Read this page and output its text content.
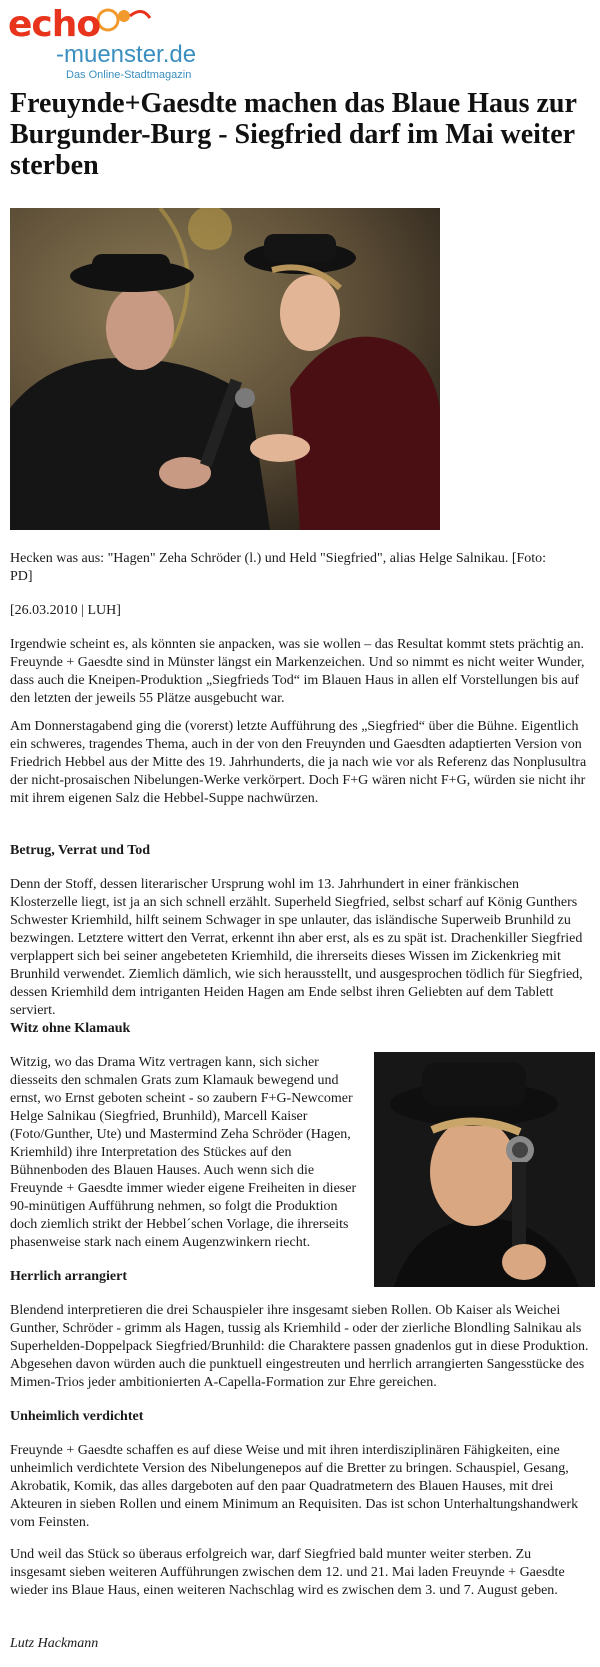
echo
-muenster.de
Das Online-Stadtmagazin
Freuynde+Gaesdte machen das Blaue Haus zur Burgunder-Burg - Siegfried darf im Mai weiter sterben

Hecken was aus: "Hagen" Zeha Schröder (l.) und Held "Siegfried", alias Helge Salnikau. [Foto: PD]

[26.03.2010 | LUH]

Irgendwie scheint es, als könnten sie anpacken, was sie wollen – das Resultat kommt stets prächtig an. Freuynde + Gaesdte sind in Münster längst ein Markenzeichen. Und so nimmt es nicht weiter Wunder, dass auch die Kneipen-Produktion „Siegfrieds Tod“ im Blauen Haus in allen elf Vorstellungen bis auf den letzten der jeweils 55 Plätze ausgebucht war.

Am Donnerstagabend ging die (vorerst) letzte Aufführung des „Siegfried“ über die Bühne. Eigentlich ein schweres, tragendes Thema, auch in der von den Freuynden und Gaesdten adaptierten Version von Friedrich Hebbel aus der Mitte des 19. Jahrhunderts, die ja nach wie vor als Referenz das Nonplusultra der nicht-prosaischen Nibelungen-Werke verkörpert. Doch F+G wären nicht F+G, würden sie nicht ihr mit ihrem eigenen Salz die Hebbel-Suppe nachwürzen.

Betrug, Verrat und Tod

Denn der Stoff, dessen literarischer Ursprung wohl im 13. Jahrhundert in einer fränkischen Klosterzelle liegt, ist ja an sich schnell erzählt. Superheld Siegfried, selbst scharf auf König Gunthers Schwester Kriemhild, hilft seinem Schwager in spe unlauter, das isländische Superweib Brunhild zu bezwingen. Letztere wittert den Verrat, erkennt ihn aber erst, als es zu spät ist. Drachenkiller Siegfried verplappert sich bei seiner angebeteten Kriemhild, die ihrerseits dieses Wissen im Zickenkrieg mit Brunhild verwendet. Ziemlich dämlich, wie sich herausstellt, und ausgesprochen tödlich für Siegfried, dessen Kriemhild dem intriganten Heiden Hagen am Ende selbst ihren Geliebten auf dem Tablett serviert.

Witz ohne Klamauk

Witzig, wo das Drama Witz vertragen kann, sich sicher diesseits den schmalen Grats zum Klamauk bewegend und ernst, wo Ernst geboten scheint - so zaubern F+G-Newcomer Helge Salnikau (Siegfried, Brunhild), Marcell Kaiser (Foto/Gunther, Ute) und Mastermind Zeha Schröder (Hagen, Kriemhild) ihre Interpretation des Stückes auf den Bühnenboden des Blauen Hauses. Auch wenn sich die Freuynde + Gaesdte immer wieder eigene Freiheiten in dieser 90-minütigen Aufführung nehmen, so folgt die Produktion doch ziemlich strikt der Hebbel´schen Vorlage, die ihrerseits phasenweise stark nach einem Augenzwinkern riecht.

Herrlich arrangiert

Blendend interpretieren die drei Schauspieler ihre insgesamt sieben Rollen. Ob Kaiser als Weichei Gunther, Schröder - grimm als Hagen, tussig als Kriemhild - oder der zierliche Blondling Salnikau als Superhelden-Doppelpack Siegfried/Brunhild: die Charaktere passen gnadenlos gut in diese Produktion. Abgesehen davon würden auch die punktuell eingestreuten und herrlich arrangierten Sangesstücke des Mimen-Trios jeder ambitionierten A-Capella-Formation zur Ehre gereichen.

Unheimlich verdichtet

Freuynde + Gaesdte schaffen es auf diese Weise und mit ihren interdisziplinären Fähigkeiten, eine unheimlich verdichtete Version des Nibelungenepos auf die Bretter zu bringen. Schauspiel, Gesang, Akrobatik, Komik, das alles dargeboten auf den paar Quadratmetern des Blauen Hauses, mit drei Akteuren in sieben Rollen und einem Minimum an Requisiten. Das ist schon Unterhaltungshandwerk vom Feinsten.

Und weil das Stück so überaus erfolgreich war, darf Siegfried bald munter weiter sterben. Zu insgesamt sieben weiteren Aufführungen zwischen dem 12. und 21. Mai laden Freuynde + Gaesdte wieder ins Blaue Haus, einen weiteren Nachschlag wird es zwischen dem 3. und 7. August geben.

Lutz Hackmann
